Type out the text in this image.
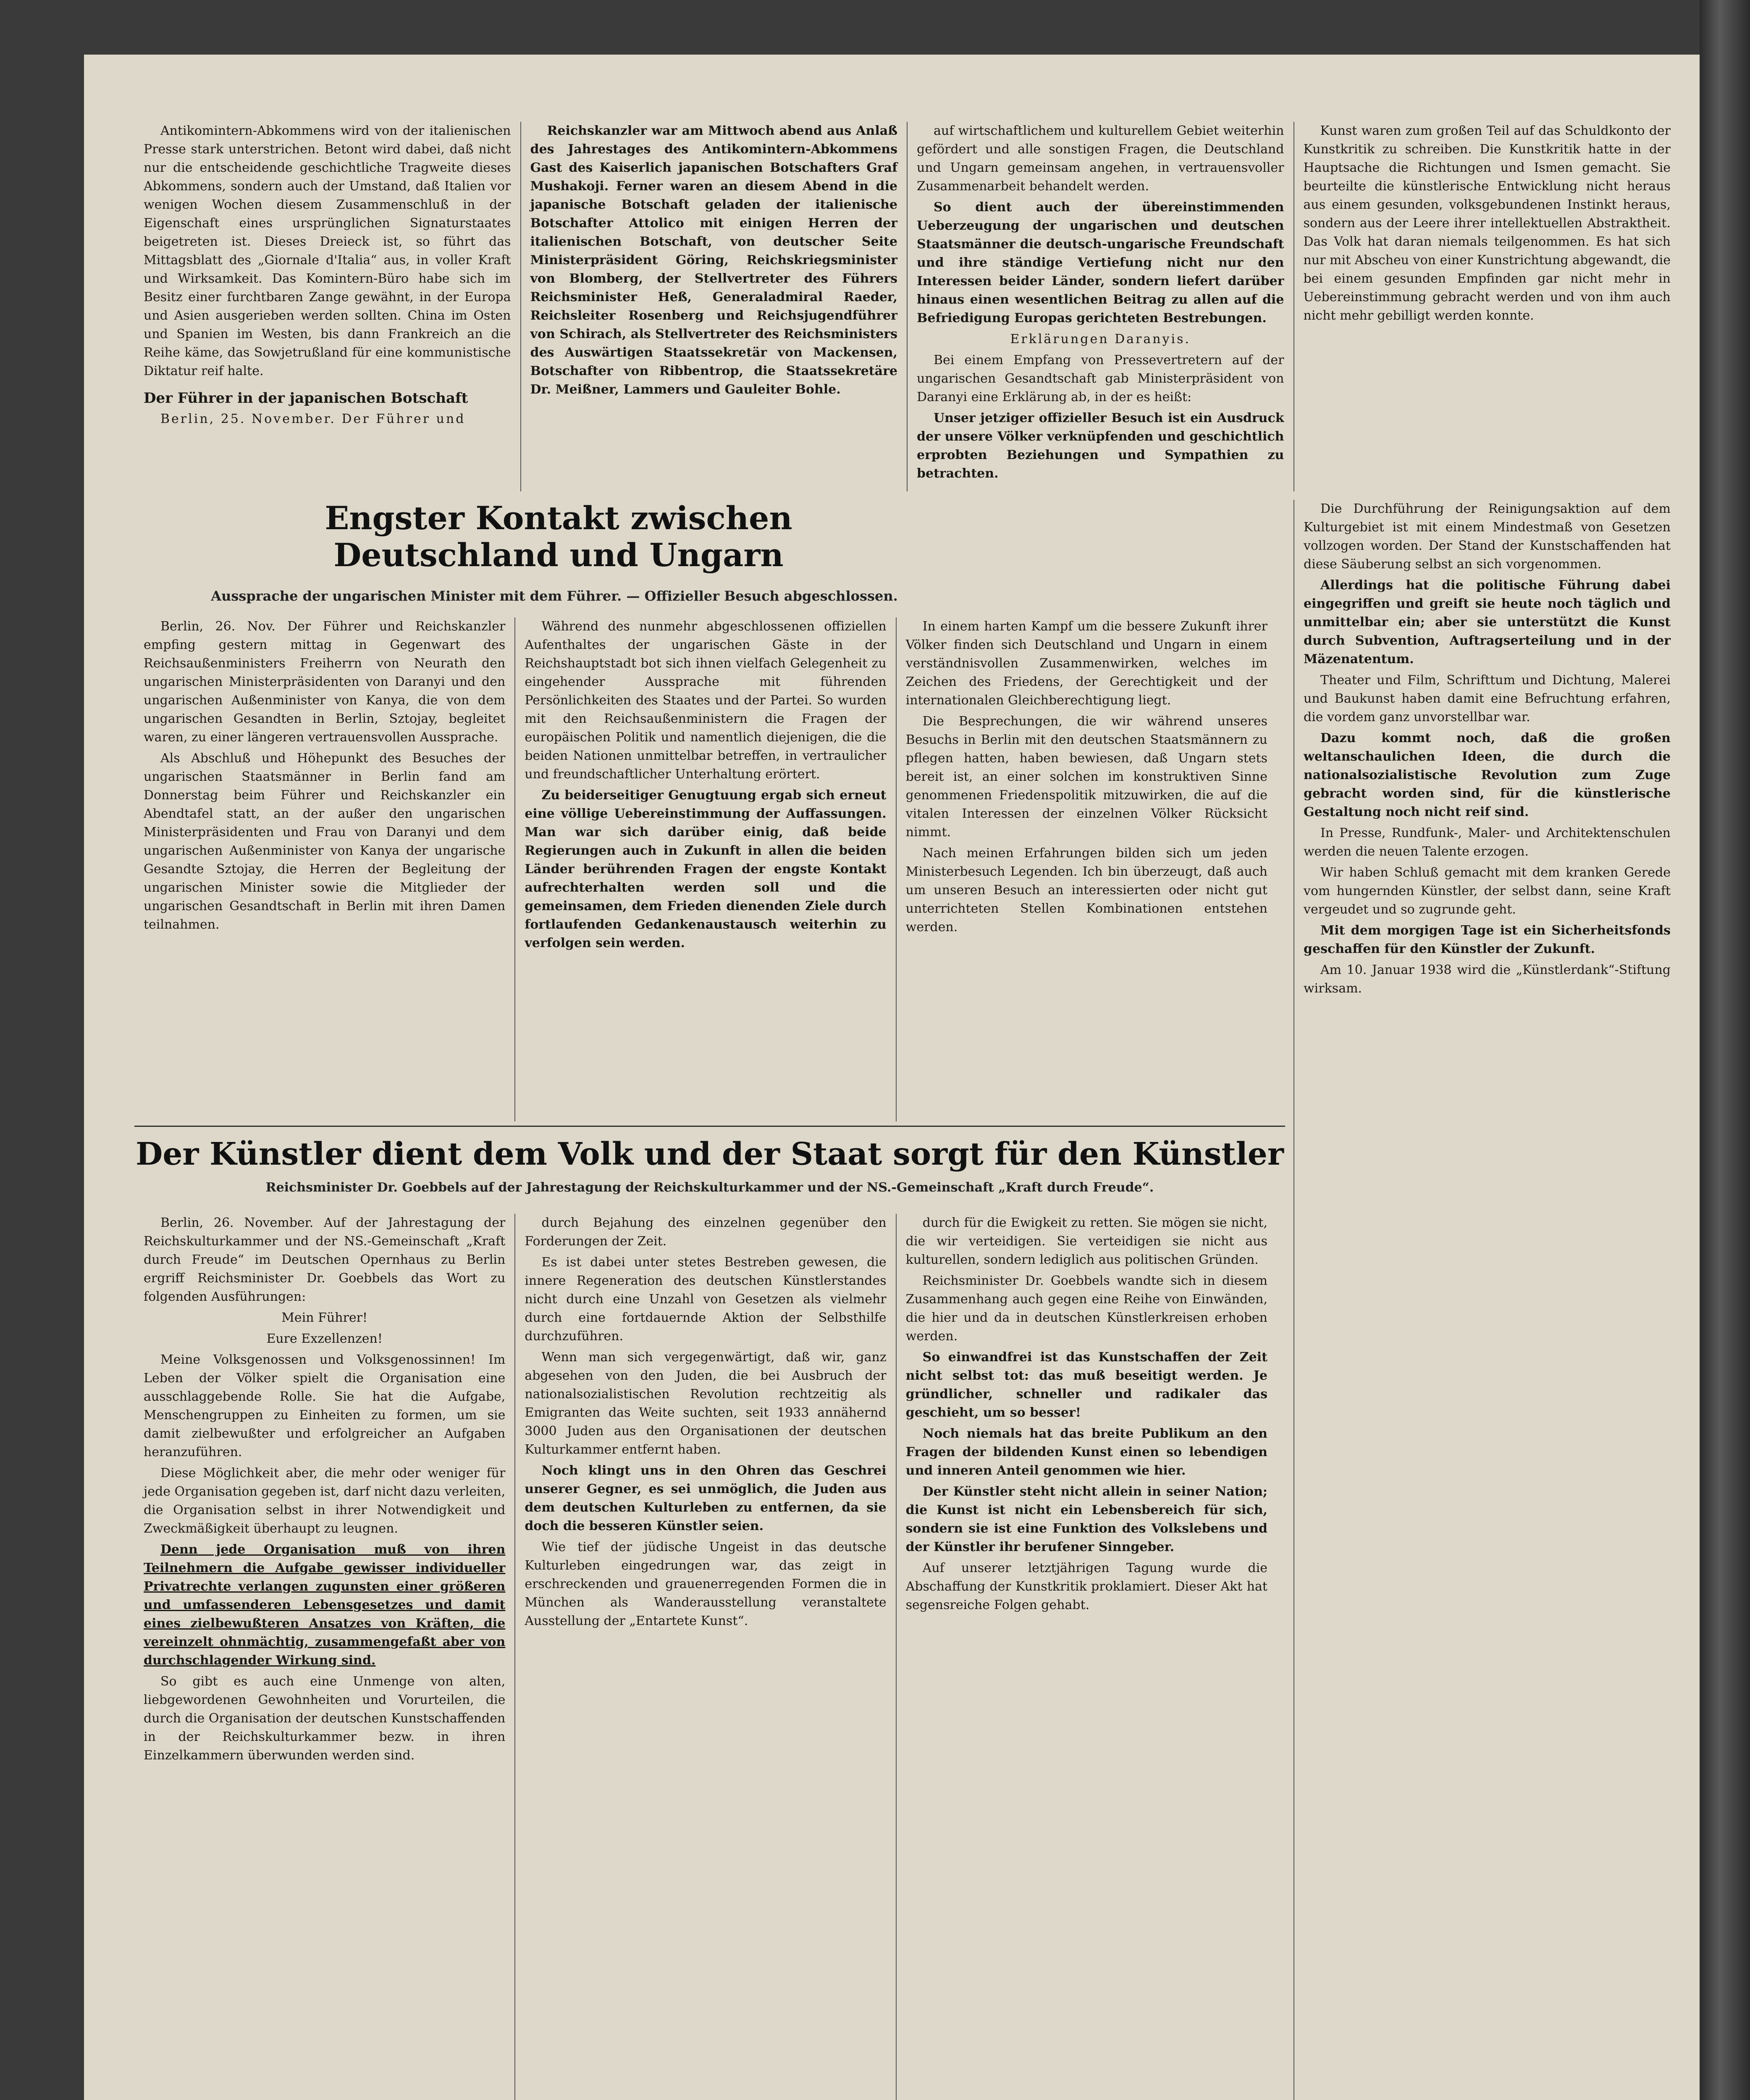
Antikomintern-Abkommens wird von der italienischen Presse stark unterstrichen. Betont wird dabei, daß nicht nur die entscheidende geschichtliche Tragweite dieses Abkommens, sondern auch der Umstand, daß Italien vor wenigen Wochen diesem Zusammenschluß in der Eigenschaft eines ursprünglichen Signaturstaates beigetreten ist. Dieses Dreieck ist, so führt das Mittagsblatt des „Giornale d'Italia“ aus, in voller Kraft und Wirksamkeit. Das Komintern-Büro habe sich im Besitz einer furchtbaren Zange gewähnt, in der Europa und Asien ausgerieben werden sollten. China im Osten und Spanien im Westen, bis dann Frankreich an die Reihe käme, das Sowjetrußland für eine kommunistische Diktatur reif halte.

Der Führer in der japanischen Botschaft

Berlin, 25. November. Der Führer und

Reichskanzler war am Mittwoch abend aus Anlaß des Jahrestages des Antikomintern-Abkommens Gast des Kaiserlich japanischen Botschafters Graf Mushakoji. Ferner waren an diesem Abend in die japanische Botschaft geladen der italienische Botschafter Attolico mit einigen Herren der italienischen Botschaft, von deutscher Seite Ministerpräsident Göring, Reichskriegsminister von Blomberg, der Stellvertreter des Führers Reichsminister Heß, Generaladmiral Raeder, Reichsleiter Rosenberg und Reichsjugendführer von Schirach, als Stellvertreter des Reichsministers des Auswärtigen Staatssekretär von Mackensen, Botschafter von Ribbentrop, die Staatssekretäre Dr. Meißner, Lammers und Gauleiter Bohle.

auf wirtschaftlichem und kulturellem Gebiet weiterhin gefördert und alle sonstigen Fragen, die Deutschland und Ungarn gemeinsam angehen, in vertrauensvoller Zusammenarbeit behandelt werden.

So dient auch der übereinstimmenden Ueberzeugung der ungarischen und deutschen Staatsmänner die deutsch-ungarische Freundschaft und ihre ständige Vertiefung nicht nur den Interessen beider Länder, sondern liefert darüber hinaus einen wesentlichen Beitrag zu allen auf die Befriedigung Europas gerichteten Bestrebungen.

Erklärungen Daranyis.

Bei einem Empfang von Pressevertretern auf der ungarischen Gesandtschaft gab Ministerpräsident von Daranyi eine Erklärung ab, in der es heißt:

Unser jetziger offizieller Besuch ist ein Ausdruck der unsere Völker verknüpfenden und geschichtlich erprobten Beziehungen und Sympathien zu betrachten.

Kunst waren zum großen Teil auf das Schuldkonto der Kunstkritik zu schreiben. Die Kunstkritik hatte in der Hauptsache die Richtungen und Ismen gemacht. Sie beurteilte die künstlerische Entwicklung nicht heraus aus einem gesunden, volksgebundenen Instinkt heraus, sondern aus der Leere ihrer intellektuellen Abstraktheit. Das Volk hat daran niemals teilgenommen. Es hat sich nur mit Abscheu von einer Kunstrichtung abgewandt, die bei einem gesunden Empfinden gar nicht mehr in Uebereinstimmung gebracht werden und von ihm auch nicht mehr gebilligt werden konnte.

Engster Kontakt zwischen Deutschland und Ungarn
Aussprache der ungarischen Minister mit dem Führer. — Offizieller Besuch abgeschlossen.

Berlin, 26. Nov. Der Führer und Reichskanzler empfing gestern mittag in Gegenwart des Reichsaußenministers Freiherrn von Neurath den ungarischen Ministerpräsidenten von Daranyi und den ungarischen Außenminister von Kanya, die von dem ungarischen Gesandten in Berlin, Sztojay, begleitet waren, zu einer längeren vertrauensvollen Aussprache.

Als Abschluß und Höhepunkt des Besuches der ungarischen Staatsmänner in Berlin fand am Donnerstag beim Führer und Reichskanzler ein Abendtafel statt, an der außer den ungarischen Ministerpräsidenten und Frau von Daranyi und dem ungarischen Außenminister von Kanya der ungarische Gesandte Sztojay, die Herren der Begleitung der ungarischen Minister sowie die Mitglieder der ungarischen Gesandtschaft in Berlin mit ihren Damen teilnahmen.

Während des nunmehr abgeschlossenen offiziellen Aufenthaltes der ungarischen Gäste in der Reichshauptstadt bot sich ihnen vielfach Gelegenheit zu eingehender Aussprache mit führenden Persönlichkeiten des Staates und der Partei. So wurden mit den Reichsaußenministern die Fragen der europäischen Politik und namentlich diejenigen, die die beiden Nationen unmittelbar betreffen, in vertraulicher und freundschaftlicher Unterhaltung erörtert.

Zu beiderseitiger Genugtuung ergab sich erneut eine völlige Uebereinstimmung der Auffassungen. Man war sich darüber einig, daß beide Regierungen auch in Zukunft in allen die beiden Länder berührenden Fragen der engste Kontakt aufrechterhalten werden soll und die gemeinsamen, dem Frieden dienenden Ziele durch fortlaufenden Gedankenaustausch weiterhin zu verfolgen sein werden.

In einem harten Kampf um die bessere Zukunft ihrer Völker finden sich Deutschland und Ungarn in einem verständnisvollen Zusammenwirken, welches im Zeichen des Friedens, der Gerechtigkeit und der internationalen Gleichberechtigung liegt.

Die Besprechungen, die wir während unseres Besuchs in Berlin mit den deutschen Staatsmännern zu pflegen hatten, haben bewiesen, daß Ungarn stets bereit ist, an einer solchen im konstruktiven Sinne genommenen Friedenspolitik mitzuwirken, die auf die vitalen Interessen der einzelnen Völker Rücksicht nimmt.

Nach meinen Erfahrungen bilden sich um jeden Ministerbesuch Legenden. Ich bin überzeugt, daß auch um unseren Besuch an interessierten oder nicht gut unterrichteten Stellen Kombinationen entstehen werden.

Die Durchführung der Reinigungsaktion auf dem Kulturgebiet ist mit einem Mindestmaß von Gesetzen vollzogen worden. Der Stand der Kunstschaffenden hat diese Säuberung selbst an sich vorgenommen.

Allerdings hat die politische Führung dabei eingegriffen und greift sie heute noch täglich und unmittelbar ein; aber sie unterstützt die Kunst durch Subvention, Auftragserteilung und in der Mäzenatentum.

Theater und Film, Schrifttum und Dichtung, Malerei und Baukunst haben damit eine Befruchtung erfahren, die vordem ganz unvorstellbar war.

Dazu kommt noch, daß die großen weltanschaulichen Ideen, die durch die nationalsozialistische Revolution zum Zuge gebracht worden sind, für die künstlerische Gestaltung noch nicht reif sind.

In Presse, Rundfunk-, Maler- und Architektenschulen werden die neuen Talente erzogen.

Wir haben Schluß gemacht mit dem kranken Gerede vom hungernden Künstler, der selbst dann, seine Kraft vergeudet und so zugrunde geht.

Mit dem morgigen Tage ist ein Sicherheitsfonds geschaffen für den Künstler der Zukunft.

Am 10. Januar 1938 wird die „Künstlerdank“-Stiftung wirksam.

Der Künstler dient dem Volk und der Staat sorgt für den Künstler
Reichsminister Dr. Goebbels auf der Jahrestagung der Reichskulturkammer und der NS.-Gemeinschaft „Kraft durch Freude“.

Berlin, 26. November. Auf der Jahrestagung der Reichskulturkammer und der NS.-Gemeinschaft „Kraft durch Freude“ im Deutschen Opernhaus zu Berlin ergriff Reichsminister Dr. Goebbels das Wort zu folgenden Ausführungen:

Mein Führer!

Eure Exzellenzen!

Meine Volksgenossen und Volksgenossinnen! Im Leben der Völker spielt die Organisation eine ausschlaggebende Rolle. Sie hat die Aufgabe, Menschengruppen zu Einheiten zu formen, um sie damit zielbewußter und erfolgreicher an Aufgaben heranzuführen.

Diese Möglichkeit aber, die mehr oder weniger für jede Organisation gegeben ist, darf nicht dazu verleiten, die Organisation selbst in ihrer Notwendigkeit und Zweckmäßigkeit überhaupt zu leugnen.

Denn jede Organisation muß von ihren Teilnehmern die Aufgabe gewisser individueller Privatrechte verlangen zugunsten einer größeren und umfassenderen Lebensgesetzes und damit eines zielbewußteren Ansatzes von Kräften, die vereinzelt ohnmächtig, zusammengefaßt aber von durchschlagender Wirkung sind.

So gibt es auch eine Unmenge von alten, liebgewordenen Gewohnheiten und Vorurteilen, die durch die Organisation der deutschen Kunstschaffenden in der Reichskulturkammer bezw. in ihren Einzelkammern überwunden werden sind.

durch Bejahung des einzelnen gegenüber den Forderungen der Zeit.

Es ist dabei unter stetes Bestreben gewesen, die innere Regeneration des deutschen Künstlerstandes nicht durch eine Unzahl von Gesetzen als vielmehr durch eine fortdauernde Aktion der Selbsthilfe durchzuführen.

Wenn man sich vergegenwärtigt, daß wir, ganz abgesehen von den Juden, die bei Ausbruch der nationalsozialistischen Revolution rechtzeitig als Emigranten das Weite suchten, seit 1933 annähernd 3000 Juden aus den Organisationen der deutschen Kulturkammer entfernt haben.

Noch klingt uns in den Ohren das Geschrei unserer Gegner, es sei unmöglich, die Juden aus dem deutschen Kulturleben zu entfernen, da sie doch die besseren Künstler seien.

Wie tief der jüdische Ungeist in das deutsche Kulturleben eingedrungen war, das zeigt in erschreckenden und grauenerregenden Formen die in München als Wanderausstellung veranstaltete Ausstellung der „Entartete Kunst“.

durch für die Ewigkeit zu retten. Sie mögen sie nicht, die wir verteidigen. Sie verteidigen sie nicht aus kulturellen, sondern lediglich aus politischen Gründen.

Reichsminister Dr. Goebbels wandte sich in diesem Zusammenhang auch gegen eine Reihe von Einwänden, die hier und da in deutschen Künstlerkreisen erhoben werden.

So einwandfrei ist das Kunstschaffen der Zeit nicht selbst tot: das muß beseitigt werden. Je gründlicher, schneller und radikaler das geschieht, um so besser!

Noch niemals hat das breite Publikum an den Fragen der bildenden Kunst einen so lebendigen und inneren Anteil genommen wie hier.

Der Künstler steht nicht allein in seiner Nation; die Kunst ist nicht ein Lebensbereich für sich, sondern sie ist eine Funktion des Volkslebens und der Künstler ihr berufener Sinngeber.

Auf unserer letztjährigen Tagung wurde die Abschaffung der Kunstkritik proklamiert. Dieser Akt hat segensreiche Folgen gehabt.
